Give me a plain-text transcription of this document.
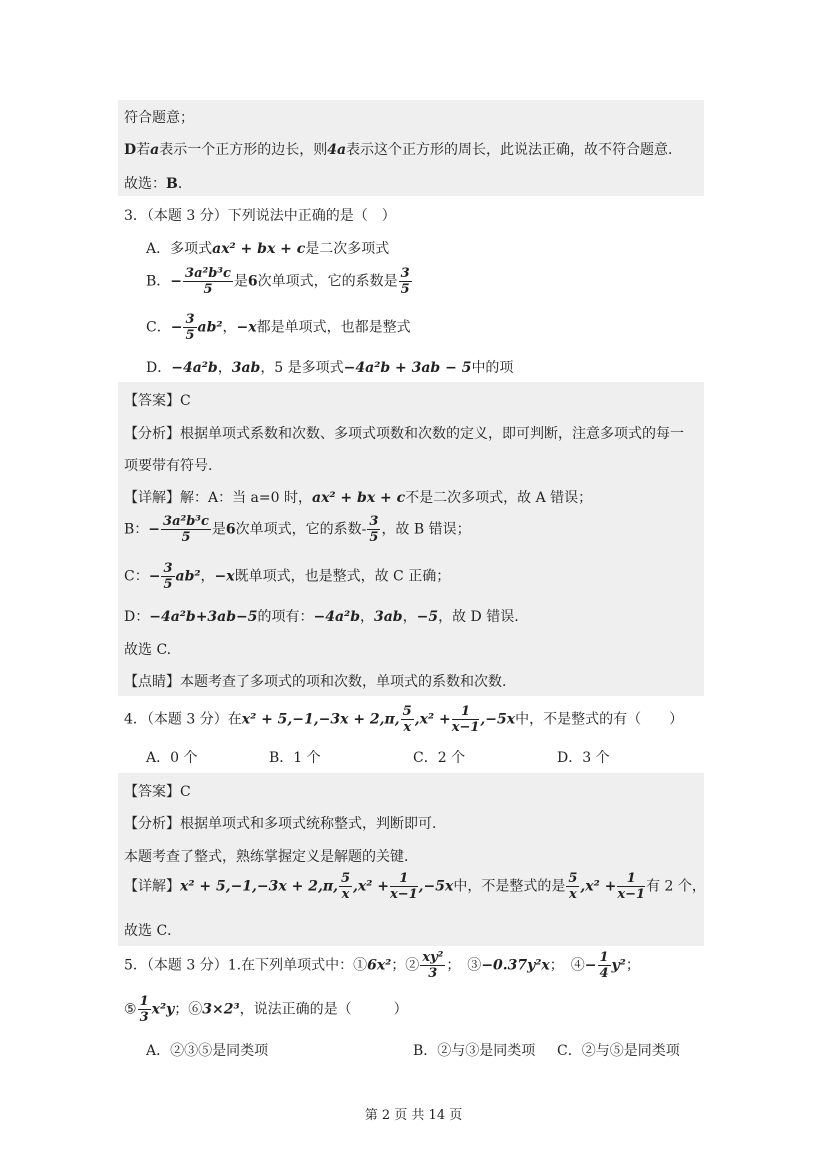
符合题意；
D若a表示一个正方形的边长，则4a表示这个正方形的周长，此说法正确，故不符合题意．
故选：B．
3．（本题 3 分）下列说法中正确的是（　）
A．多项式ax² + bx + c是二次多项式
B．− $\frac{\text{3a²b³c}}{5}$ 是6次单项式，它的系数是 $\frac{3}{5}$
C．− $\frac{3}{5} ab^2$，−x都是单项式，也都是整式
D．−4a²b，3ab，5 是多项式−4a²b + 3ab − 5中的项
【答案】C
【分析】根据单项式系数和次数、多项式项数和次数的定义，即可判断，注意多项式的每一
项要带有符号.
【详解】解：A：当 a=0 时，ax² + bx + c不是二次多项式，故 A 错误；
B：− $\frac{\text{3a²b³c}}{5}$ 是6次单项式，它的系数- $\frac{3}{5}$ ，故 B 错误；
C：− $\frac{3}{5} ab^2$，−x既单项式，也是整式，故 C 正确；
D：−4a²b+3ab−5的项有：−4a²b，3ab，−5，故 D 错误.
故选 C.
【点睛】本题考查了多项式的项和次数，单项式的系数和次数.
4．（本题 3 分）在x² + 5,−1,−3x + 2,π, $\frac{5}{x} ,x^2 + \frac{1}{x-1} ,-5x$中，不是整式的有（　　）
A．0 个	B．1 个	C．2 个	D．3 个
【答案】C
【分析】根据单项式和多项式统称整式，判断即可．
本题考查了整式，熟练掌握定义是解题的关键．
【详解】x² + 5,−1,−3x + 2,π, $\frac{5}{x} ,x^2 + \frac{1}{x-1} ,-5x$中，不是整式的是 $\frac{5}{x} ,x^2 + \frac{1}{x-1}$ 有 2 个，
故选 C．
5．（本题 3 分）1.在下列单项式中：①6x²；② $\frac{\text{xy²}}{3}$ ；　③−0.37y²x；　④− $\frac{1}{4} y^2$；
⑤ $\frac{1}{3} x^2y$；⑥3×2³，说法正确的是（　　　）
A．②③⑤是同类项	B．②与③是同类项 C．②与⑤是同类项
第 2 页 共 14 页
